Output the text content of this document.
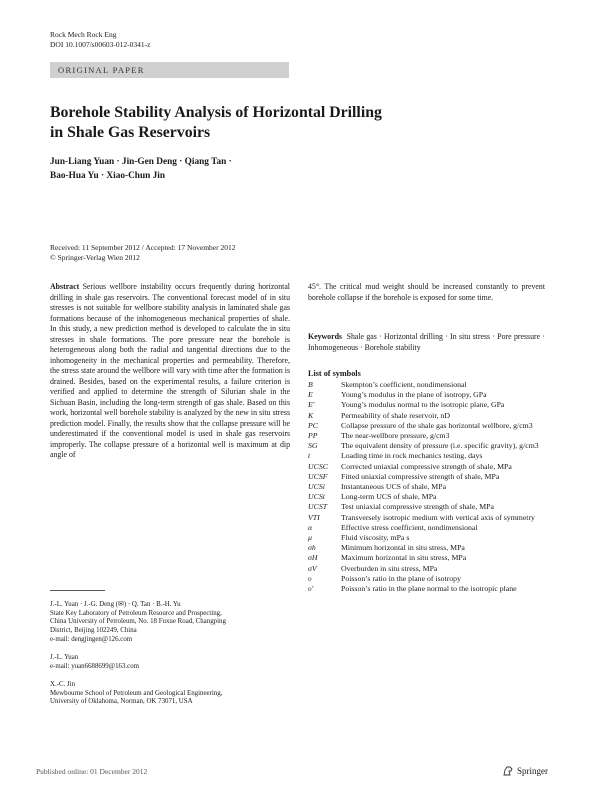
Rock Mech Rock Eng
DOI 10.1007/s00603-012-0341-z
ORIGINAL PAPER
Borehole Stability Analysis of Horizontal Drilling
in Shale Gas Reservoirs
Jun-Liang Yuan · Jin-Gen Deng · Qiang Tan ·
Bao-Hua Yu · Xiao-Chun Jin
Received: 11 September 2012 / Accepted: 17 November 2012
© Springer-Verlag Wien 2012
Abstract Serious wellbore instability occurs frequently during horizontal drilling in shale gas reservoirs. The conventional forecast model of in situ stresses is not suitable for wellbore stability analysis in laminated shale gas formations because of the inhomogeneous mechanical properties of shale. In this study, a new prediction method is developed to calculate the in situ stresses in shale formations. The pore pressure near the borehole is heterogeneous along both the radial and tangential directions due to the inhomogeneity in the mechanical properties and permeability. Therefore, the stress state around the wellbore will vary with time after the formation is drained. Besides, based on the experimental results, a failure criterion is verified and applied to determine the strength of Silurian shale in the Sichuan Basin, including the long-term strength of gas shale. Based on this work, horizontal well borehole stability is analyzed by the new in situ stress prediction model. Finally, the results show that the collapse pressure will be underestimated if the conventional model is used in shale gas reservoirs improperly. The collapse pressure of a horizontal well is maximum at dip angle of
45°. The critical mud weight should be increased constantly to prevent borehole collapse if the borehole is exposed for some time.
Keywords Shale gas · Horizontal drilling · In situ stress · Pore pressure · Inhomogeneous · Borehole stability
List of symbols
B	Skempton’s coefficient, nondimensional
E	Young’s modulus in the plane of isotropy, GPa
E′	Young’s modulus normal to the isotropic plane, GPa
K	Permeability of shale reservoir, nD
PC	Collapse pressure of the shale gas horizontal wellbore, g/cm3
PP	The near-wellbore pressure, g/cm3
SG	The equivalent density of pressure (i.e. specific gravity), g/cm3
t	Loading time in rock mechanics testing, days
UCSC	Corrected uniaxial compressive strength of shale, MPa
UCSF	Fitted uniaxial compressive strength of shale, MPa
UCSi	Instantaneous UCS of shale, MPa
UCSt	Long-term UCS of shale, MPa
UCST	Test uniaxial compressive strength of shale, MPa
VTI	Transversely isotropic medium with vertical axis of symmetry
α	Effective stress coefficient, nondimensional
μ	Fluid viscosity, mPa s
σh	Minimum horizontal in situ stress, MPa
σH	Maximum horizontal in situ stress, MPa
σV	Overburden in situ stress, MPa
υ	Poisson’s ratio in the plane of isotropy
υ′	Poisson’s ratio in the plane normal to the isotropic plane
J.-L. Yuan · J.-G. Deng (✉) · Q. Tan · B.-H. Yu
State Key Laboratory of Petroleum Resource and Prospecting,
China University of Petroleum, No. 18 Fuxue Road, Changping
District, Beijing 102249, China
e-mail: dengjingen@126.com
J.-L. Yuan
e-mail: yuan6688699@163.com
X.-C. Jin
Mewbourne School of Petroleum and Geological Engineering,
University of Oklahoma, Norman, OK 73071, USA
Published online: 01 December 2012	Springer
